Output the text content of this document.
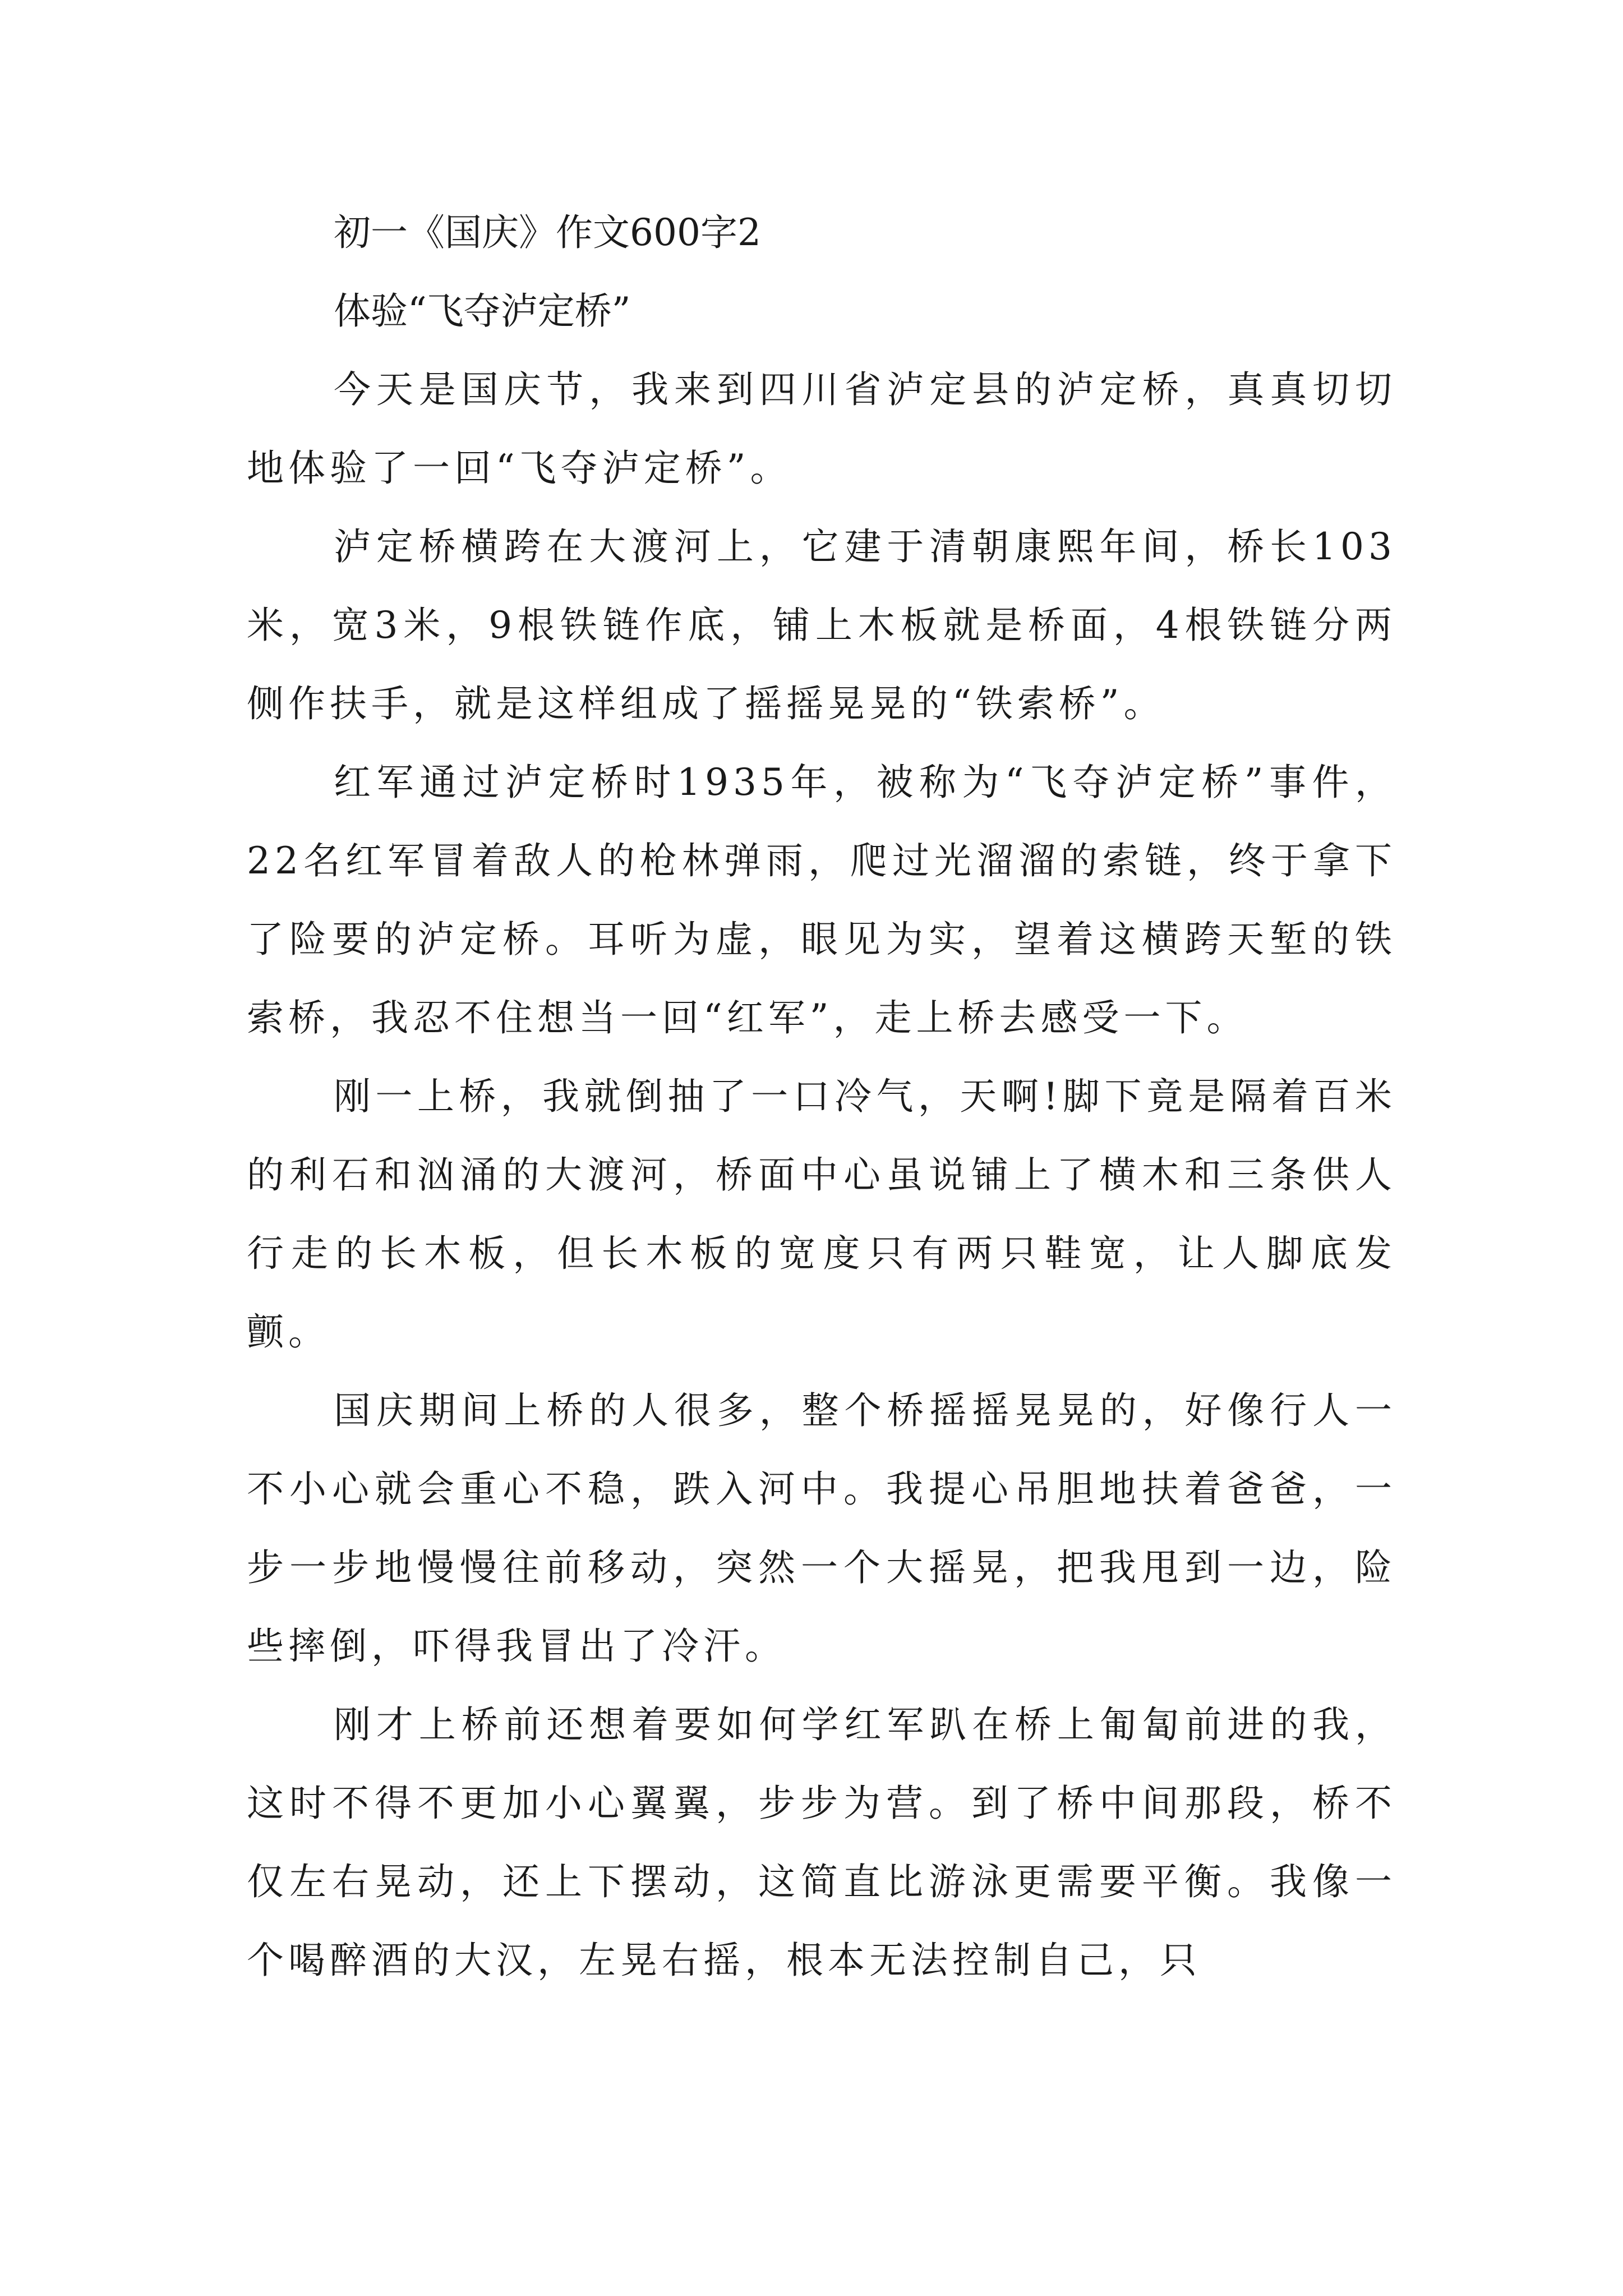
初一《国庆》作文600字2

体验“飞夺泸定桥”

今天是国庆节，我来到四川省泸定县的泸定桥，真真切切地体验了一回“飞夺泸定桥”。

泸定桥横跨在大渡河上，它建于清朝康熙年间，桥长103米，宽3米，9根铁链作底，铺上木板就是桥面，4根铁链分两侧作扶手，就是这样组成了摇摇晃晃的“铁索桥”。

红军通过泸定桥时1935年，被称为“飞夺泸定桥”事件，22名红军冒着敌人的枪林弹雨，爬过光溜溜的索链，终于拿下了险要的泸定桥。耳听为虚，眼见为实，望着这横跨天堑的铁索桥，我忍不住想当一回“红军”，走上桥去感受一下。

刚一上桥，我就倒抽了一口冷气，天啊!脚下竟是隔着百米的利石和汹涌的大渡河，桥面中心虽说铺上了横木和三条供人行走的长木板，但长木板的宽度只有两只鞋宽，让人脚底发颤。

国庆期间上桥的人很多，整个桥摇摇晃晃的，好像行人一不小心就会重心不稳，跌入河中。我提心吊胆地扶着爸爸，一步一步地慢慢往前移动，突然一个大摇晃，把我甩到一边，险些摔倒，吓得我冒出了冷汗。

刚才上桥前还想着要如何学红军趴在桥上匍匐前进的我，这时不得不更加小心翼翼，步步为营。到了桥中间那段，桥不仅左右晃动，还上下摆动，这简直比游泳更需要平衡。我像一个喝醉酒的大汉，左晃右摇，根本无法控制自己，只
